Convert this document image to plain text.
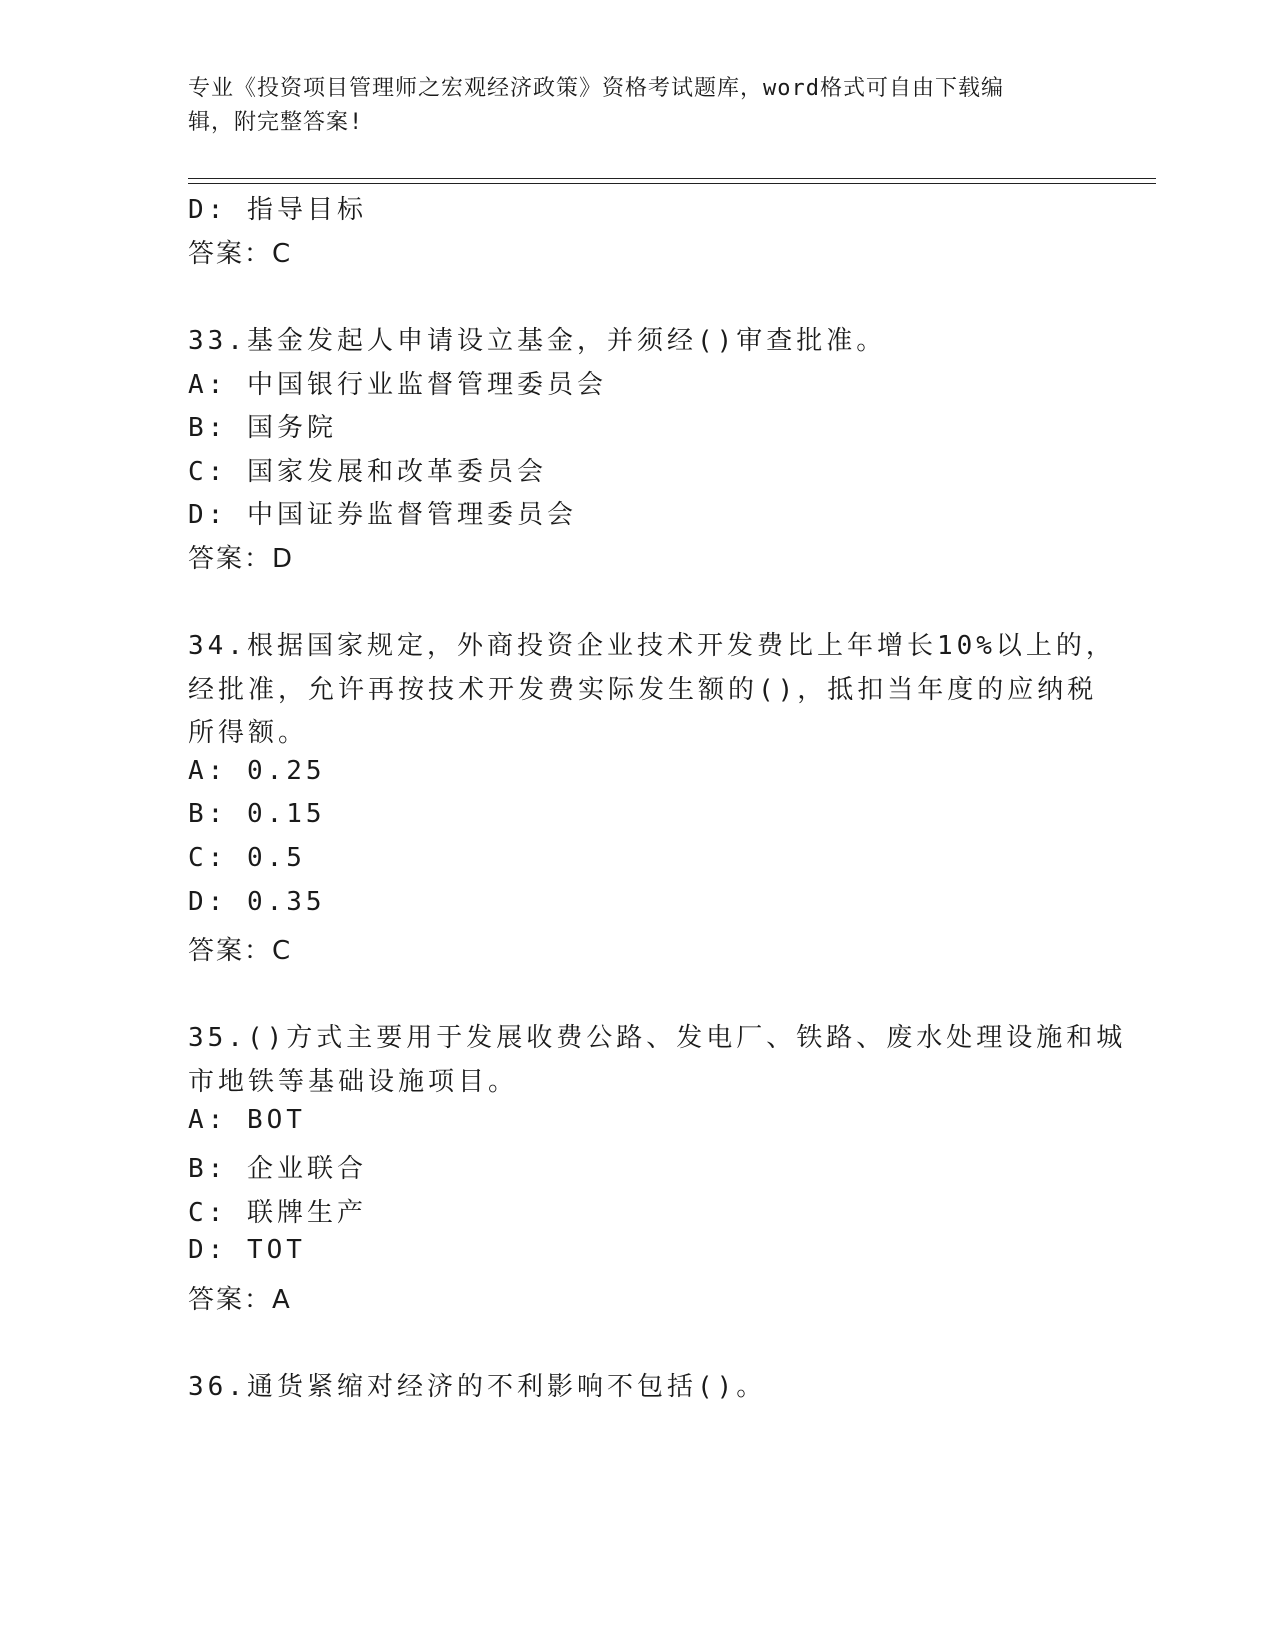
专业《投资项目管理师之宏观经济政策》资格考试题库，word格式可自由下载编
辑，附完整答案!
D: 指导目标
答案：C
33.基金发起人申请设立基金，并须经()审查批准。
A: 中国银行业监督管理委员会
B: 国务院
C: 国家发展和改革委员会
D: 中国证券监督管理委员会
答案：D
34.根据国家规定，外商投资企业技术开发费比上年增长10%以上的，
经批准，允许再按技术开发费实际发生额的()，抵扣当年度的应纳税
所得额。
A: 0.25
B: 0.15
C: 0.5
D: 0.35
答案：C
35.()方式主要用于发展收费公路、发电厂、铁路、废水处理设施和城
市地铁等基础设施项目。
A: BOT
B: 企业联合
C: 联牌生产
D: TOT
答案：A
36.通货紧缩对经济的不利影响不包括()。
